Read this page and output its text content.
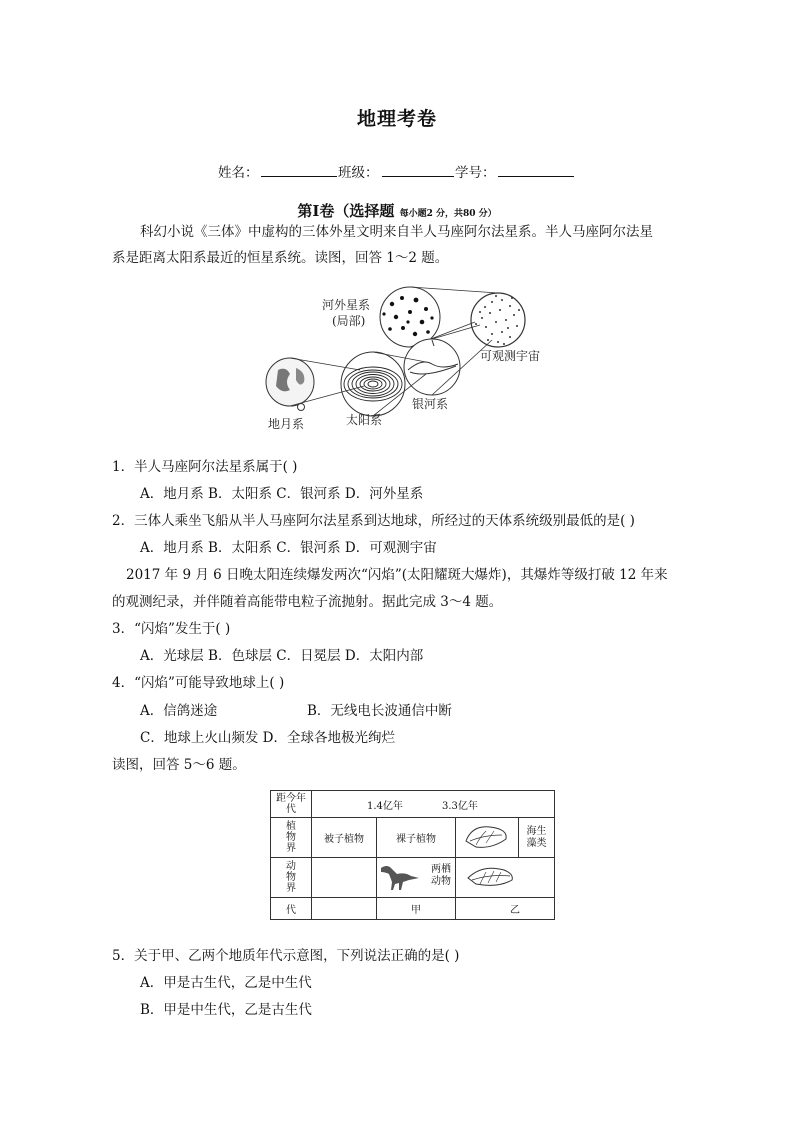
地理考卷
姓名：	班级：	学号：
第Ⅰ卷（选择题 每小题2 分，共80 分）
科幻小说《三体》中虚构的三体外星文明来自半人马座阿尔法星系。半人马座阿尔法星
系是距离太阳系最近的恒星系统。读图，回答 1～2 题。
河外星系
(局部)
可观测宇宙
银河系
太阳系
地月系
1．半人马座阿尔法星系属于( )
A．地月系 B．太阳系 C．银河系 D．河外星系
2．三体人乘坐飞船从半人马座阿尔法星系到达地球，所经过的天体系统级别最低的是( )
A．地月系 B．太阳系 C．银河系 D．可观测宇宙
2017 年 9 月 6 日晚太阳连续爆发两次“闪焰”(太阳耀斑大爆炸)，其爆炸等级打破 12 年来
的观测纪录，并伴随着高能带电粒子流抛射。据此完成 3～4 题。
3．“闪焰”发生于( )
A．光球层 B．色球层 C．日冕层 D．太阳内部
4．“闪焰”可能导致地球上( )
A．信鸽迷途	B．无线电长波通信中断
C．地球上火山频发 D．全球各地极光绚烂
读图，回答 5～6 题。
距今年代	1.4亿年 3.3亿年			

植物界	被子植物	裸子植物		海生藻类
动物界		两栖动物

代		甲	乙	
5．关于甲、乙两个地质年代示意图，下列说法正确的是( )
A．甲是古生代，乙是中生代
B．甲是中生代，乙是古生代
